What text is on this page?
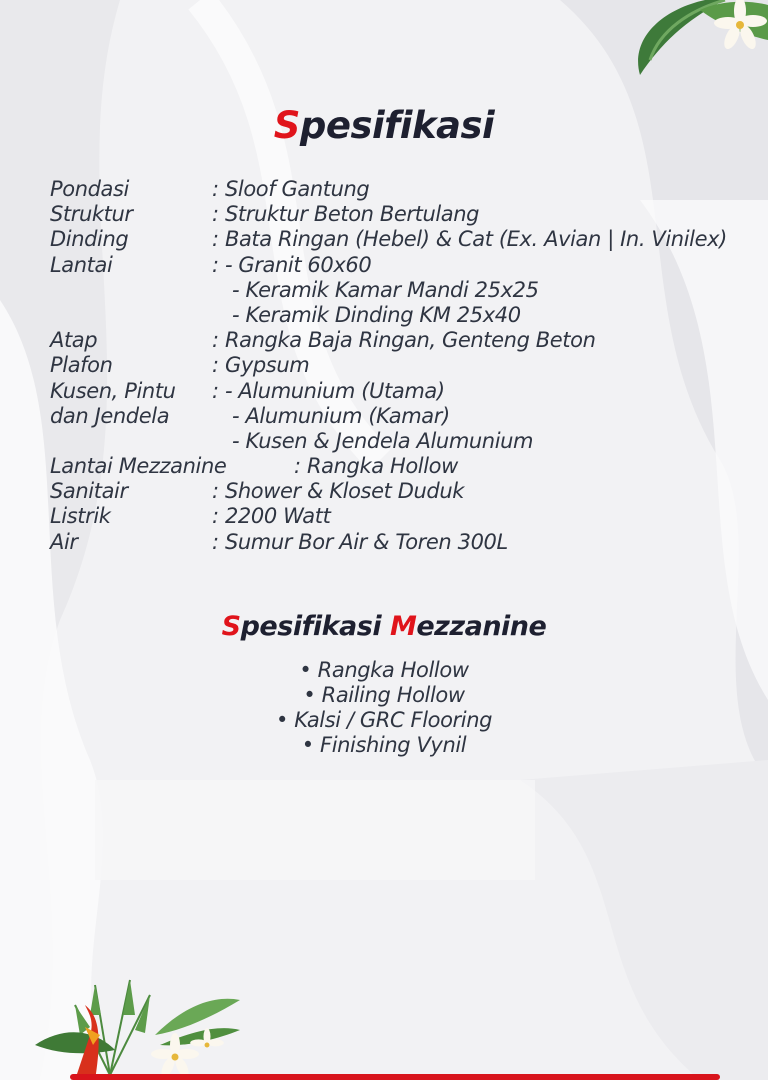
Spesifikasi
Pondasi	: Sloof Gantung
Struktur	: Struktur Beton Bertulang
Dinding	: Bata Ringan (Hebel) & Cat (Ex. Avian | In. Vinilex)
Lantai	: - Granit 60x60
- Keramik Kamar Mandi 25x25
- Keramik Dinding KM 25x40
Atap	: Rangka Baja Ringan, Genteng Beton
Plafon	: Gypsum
Kusen, Pintu : - Alumunium (Utama)
dan Jendela	- Alumunium (Kamar)
- Kusen & Jendela Alumunium
Lantai Mezzanine	: Rangka Hollow
Sanitair	: Shower & Kloset Duduk
Listrik	: 2200 Watt
Air	: Sumur Bor Air & Toren 300L
Spesifikasi Mezzanine
• Rangka Hollow
• Railing Hollow
• Kalsi / GRC Flooring
• Finishing Vynil
